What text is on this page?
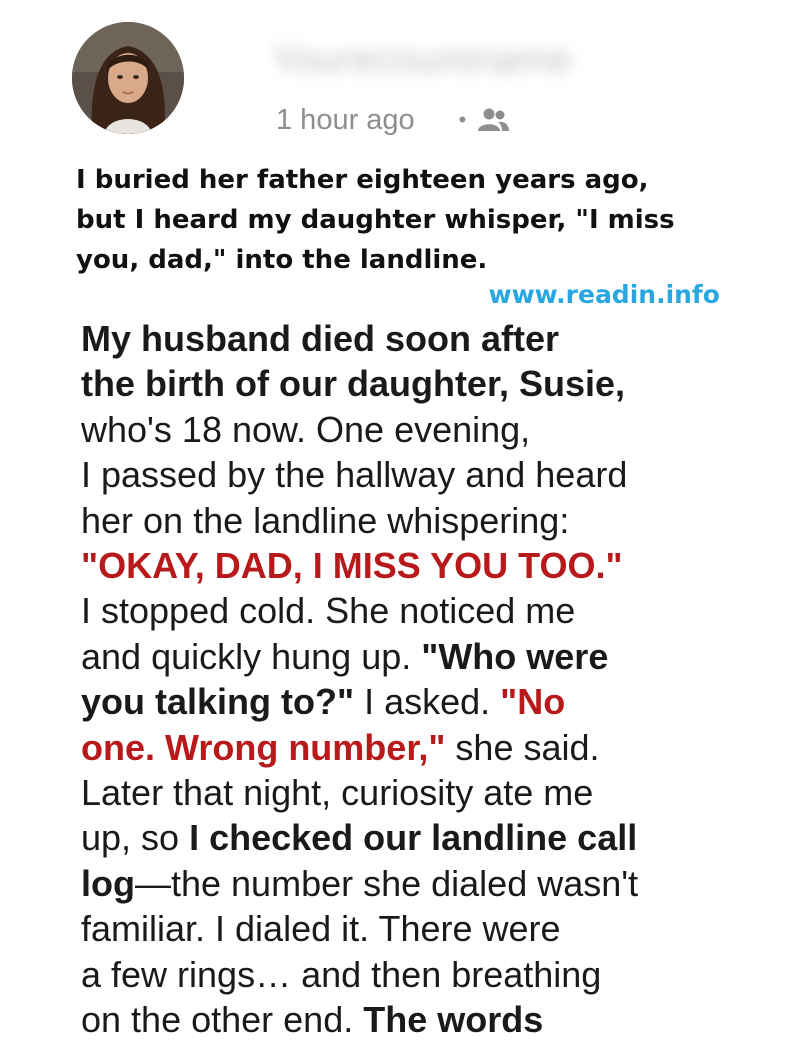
Yourecountname
1 hour ago •
I buried her father eighteen years ago,
but I heard my daughter whisper, "I miss
you, dad," into the landline.
www.readin.info
My husband died soon after
the birth of our daughter, Susie,
who's 18 now. One evening,
I passed by the hallway and heard
her on the landline whispering:
"OKAY, DAD, I MISS YOU TOO."
I stopped cold. She noticed me
and quickly hung up. "Who were
you talking to?" I asked. "No
one. Wrong number," she said.
Later that night, curiosity ate me
up, so I checked our landline call
log—the number she dialed wasn't
familiar. I dialed it. There were
a few rings… and then breathing
on the other end. The words
